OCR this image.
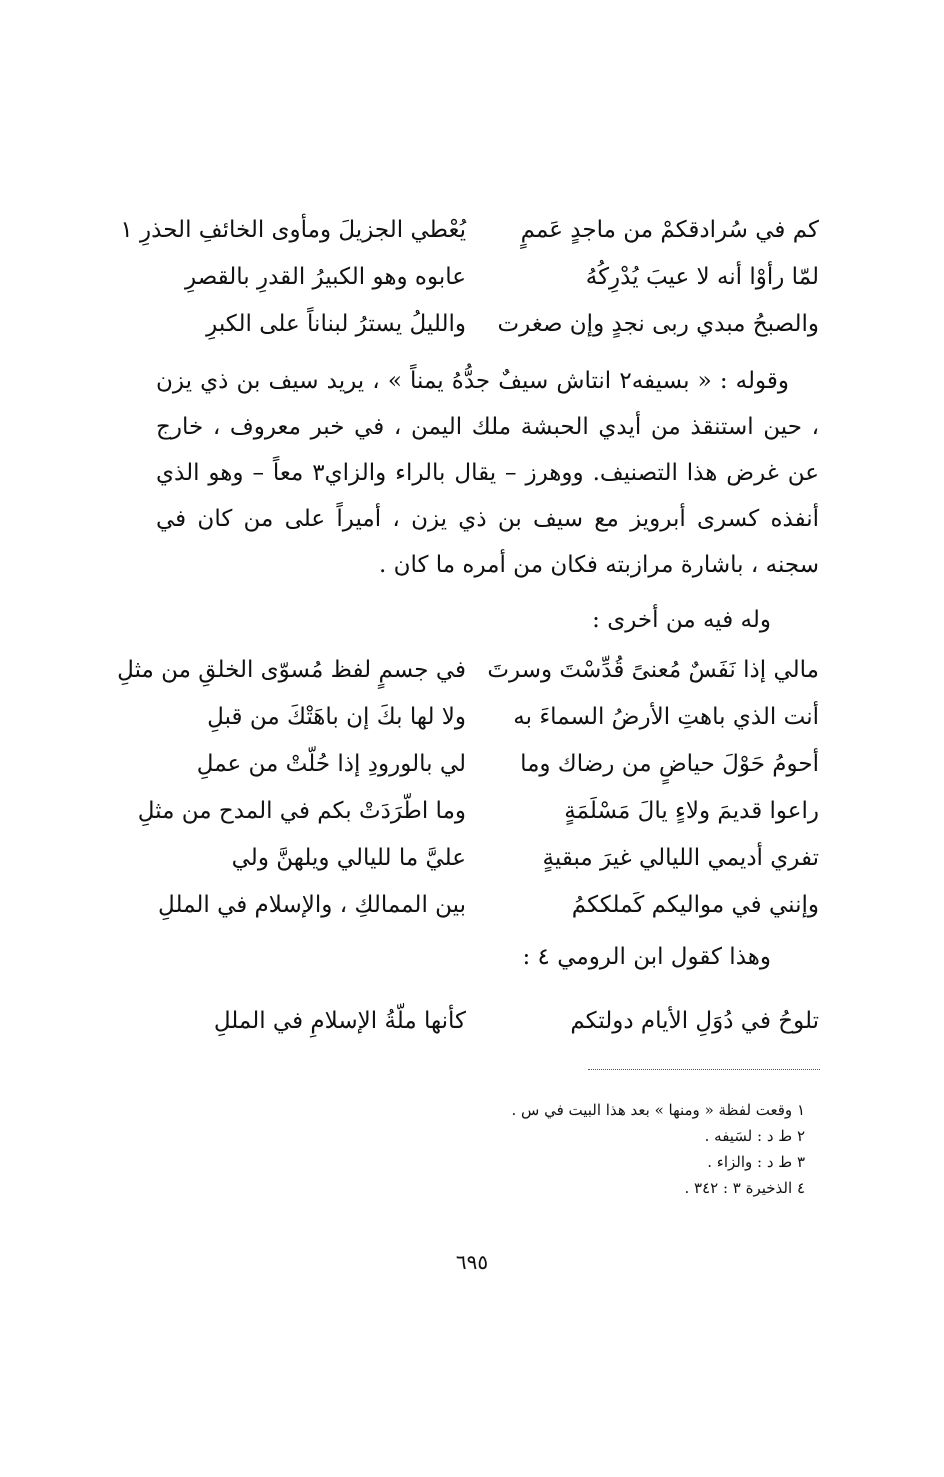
كم في سُرادقكمْ من ماجدٍ عَممٍ
يُعْطي الجزيلَ ومأوى الخائفِ الحذرِ ١
لمّا رأوْا أنه لا عيبَ يُدْرِكُهُ
عابوه وهو الكبيرُ القدرِ بالقصرِ
والصبحُ مبدي ربى نجدٍ وإن صغرت
والليلُ يسترُ لبناناً على الكبرِ

وقوله : « بسيفه٢ انتاش سيفٌ جدُّهُ يمناً » ، يريد سيف بن ذي يزن ، حين استنقذ من أيدي الحبشة ملك اليمن ، في خبر معروف ، خارج عن غرض هذا التصنيف. ووهرز – يقال بالراء والزاي٣ معاً – وهو الذي أنفذه كسرى أبرويز مع سيف بن ذي يزن ، أميراً على من كان في سجنه ، باشارة مرازبته فكان من أمره ما كان .

وله فيه من أخرى :
مالي إذا نَفَسٌ مُعنىً قُدِّسْتَ وسرتَ
في جسمٍ لفظ مُسوّى الخلقِ من مثلِ
أنت الذي باهتِ الأرضُ السماءَ به
ولا لها بكَ إن باهَتْكَ من قبلِ
أحومُ حَوْلَ حياضٍ من رضاك وما
لي بالورودِ إذا حُلّتْ من عملِ
راعوا قديمَ ولاءٍ يالَ مَسْلَمَةٍ
وما اطّرَدَتْ بكم في المدح من مثلِ
تفري أديمي الليالي غيرَ مبقيةٍ
عليَّ ما لليالي ويلهنَّ ولي
وإنني في مواليكم كَملككمُ
بين الممالكِ ، والإسلام في المللِ
وهذا كقول ابن الرومي ٤ :
تلوحُ في دُوَلِ الأيام دولتكم
كأنها ملّةُ الإسلامِ في المللِ
١ وقعت لفظة « ومنها » بعد هذا البيت في س .
٢ ط د : لسَيفه .
٣ ط د : والزاء .
٤ الذخيرة ٣ : ٣٤٢ .
٦٩٥
